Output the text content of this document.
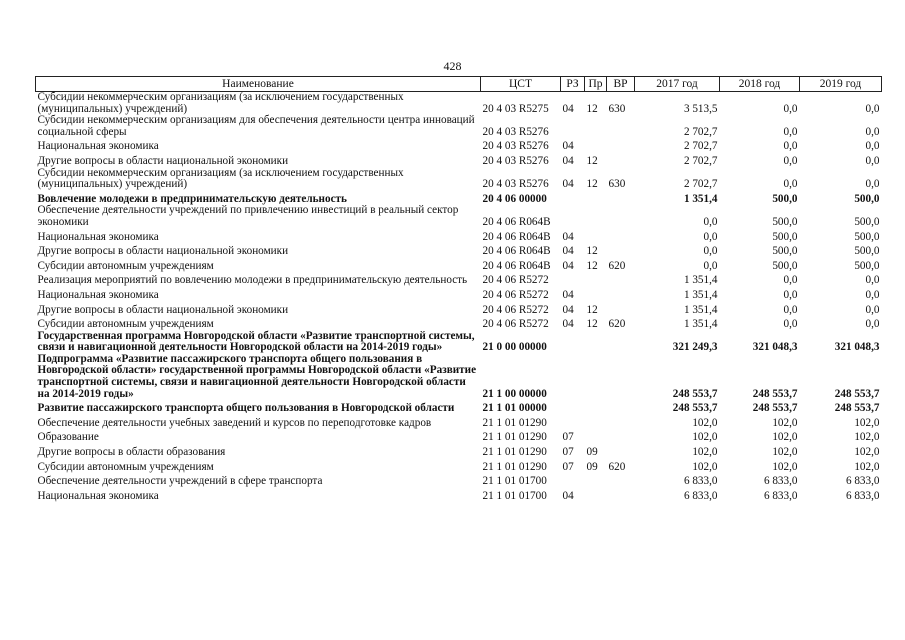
428
Наименование	ЦСТ	РЗ	Пр	ВР	2017 год	2018 год	2019 год
Субсидии некоммерческим организациям (за исключением государственных (муниципальных) учреждений)	20 4 03 R5275	04	12	630	3 513,5	0,0	0,0
Субсидии некоммерческим организациям для обеспечения деятельности центра инноваций социальной сферы	20 4 03 R5276				2 702,7	0,0	0,0
Национальная экономика	20 4 03 R5276	04			2 702,7	0,0	0,0
Другие вопросы в области национальной экономики	20 4 03 R5276	04	12		2 702,7	0,0	0,0
Субсидии некоммерческим организациям (за исключением государственных (муниципальных) учреждений)	20 4 03 R5276	04	12	630	2 702,7	0,0	0,0
Вовлечение молодежи в предпринимательскую деятельность	20 4 06 00000				1 351,4	500,0	500,0
Обеспечение деятельности учреждений по привлечению инвестиций в реальный сектор экономики	20 4 06 R064B				0,0	500,0	500,0
Национальная экономика	20 4 06 R064B	04			0,0	500,0	500,0
Другие вопросы в области национальной экономики	20 4 06 R064B	04	12		0,0	500,0	500,0
Субсидии автономным учреждениям	20 4 06 R064B	04	12	620	0,0	500,0	500,0
Реализация мероприятий по вовлечению молодежи в предпринимательскую деятельность	20 4 06 R5272				1 351,4	0,0	0,0
Национальная экономика	20 4 06 R5272	04			1 351,4	0,0	0,0
Другие вопросы в области национальной экономики	20 4 06 R5272	04	12		1 351,4	0,0	0,0
Субсидии автономным учреждениям	20 4 06 R5272	04	12	620	1 351,4	0,0	0,0
Государственная программа Новгородской области «Развитие транспортной системы, связи и навигационной деятельности Новгородской области на 2014-2019 годы»	21 0 00 00000				321 249,3	321 048,3	321 048,3
Подпрограмма «Развитие пассажирского транспорта общего пользования в Новгородской области» государственной программы Новгородской области «Развитие транспортной системы, связи и навигационной деятельности Новгородской области на 2014-2019 годы»	21 1 00 00000				248 553,7	248 553,7	248 553,7
Развитие пассажирского транспорта общего пользования в Новгородской области	21 1 01 00000				248 553,7	248 553,7	248 553,7
Обеспечение деятельности учебных заведений и курсов по переподготовке кадров	21 1 01 01290				102,0	102,0	102,0
Образование	21 1 01 01290	07			102,0	102,0	102,0
Другие вопросы в области образования	21 1 01 01290	07	09		102,0	102,0	102,0
Субсидии автономным учреждениям	21 1 01 01290	07	09	620	102,0	102,0	102,0
Обеспечение деятельности учреждений в сфере транспорта	21 1 01 01700				6 833,0	6 833,0	6 833,0
Национальная экономика	21 1 01 01700	04			6 833,0	6 833,0	6 833,0
